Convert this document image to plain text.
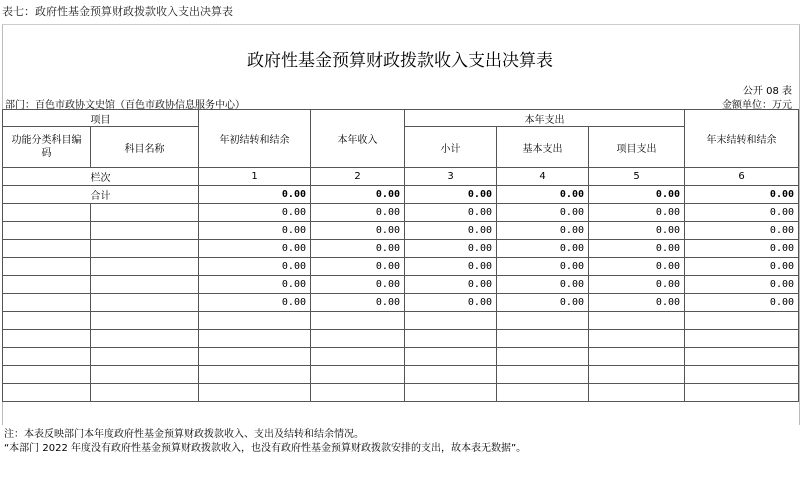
表七：政府性基金预算财政拨款收入支出决算表
政府性基金预算财政拨款收入支出决算表
公开 08 表
部门：百色市政协文史馆（百色市政协信息服务中心）	金额单位：万元
项目		年初结转和结余	本年收入	本年支出			年末结转和结余
功能分类科目编码	科目名称			小计	基本支出	项目支出	
栏次		1	2	3	4	5	6
合计		0.00	0.00	0.00	0.00	0.00	0.00
		0.00	0.00	0.00	0.00	0.00	0.00
		0.00	0.00	0.00	0.00	0.00	0.00
		0.00	0.00	0.00	0.00	0.00	0.00
		0.00	0.00	0.00	0.00	0.00	0.00
		0.00	0.00	0.00	0.00	0.00	0.00
		0.00	0.00	0.00	0.00	0.00	0.00

注：本表反映部门本年度政府性基金预算财政拨款收入、支出及结转和结余情况。
“本部门 2022 年度没有政府性基金预算财政拨款收入，也没有政府性基金预算财政拨款安排的支出，故本表无数据”。
